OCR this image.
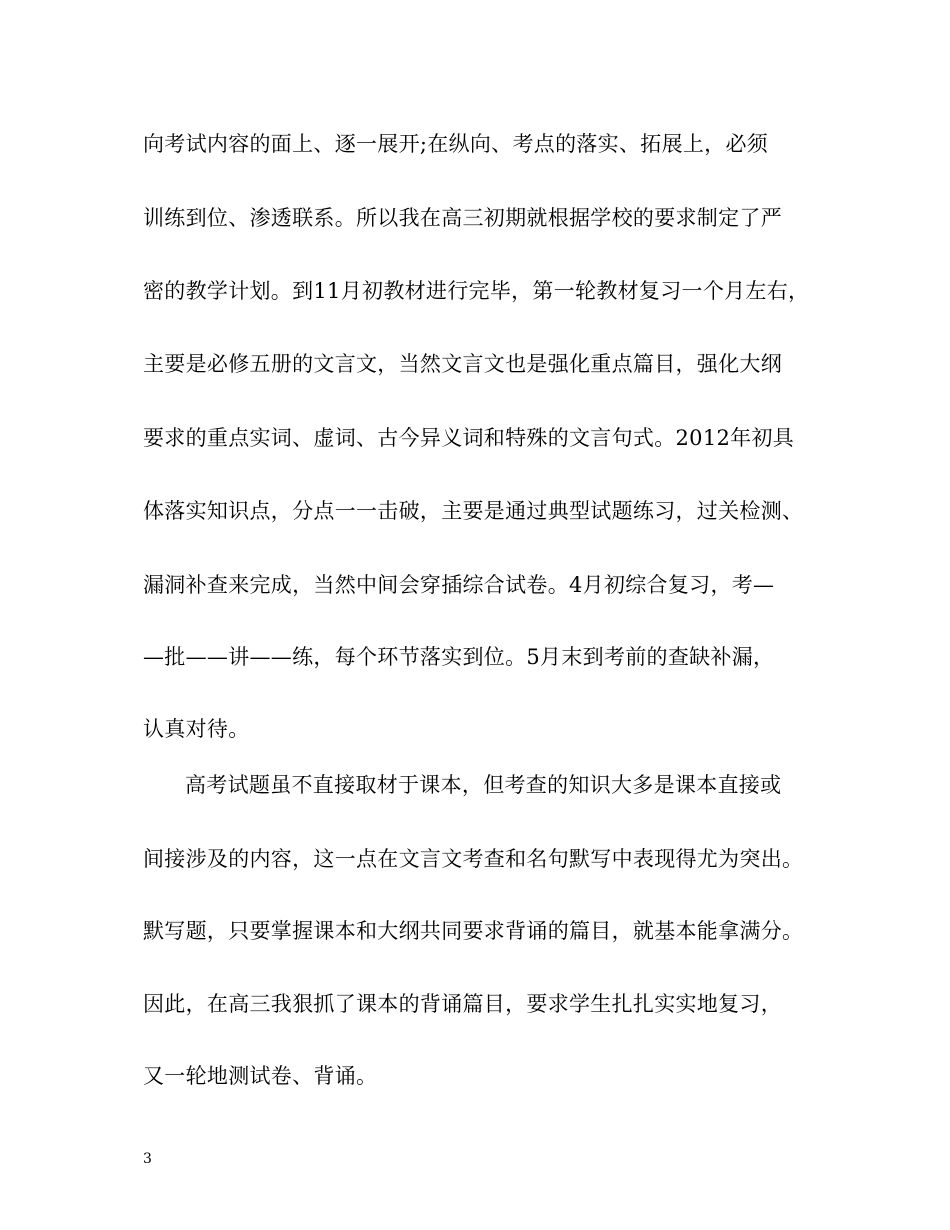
向考试内容的面上、逐一展开;在纵向、考点的落实、拓展上，必须
训练到位、渗透联系。所以我在高三初期就根据学校的要求制定了严
密的教学计划。到11月初教材进行完毕，第一轮教材复习一个月左右，
主要是必修五册的文言文，当然文言文也是强化重点篇目，强化大纲
要求的重点实词、虚词、古今异义词和特殊的文言句式。2012年初具
体落实知识点，分点一一击破，主要是通过典型试题练习，过关检测、
漏洞补查来完成，当然中间会穿插综合试卷。4月初综合复习，考—
—批——讲——练，每个环节落实到位。5月末到考前的查缺补漏，
认真对待。
高考试题虽不直接取材于课本，但考查的知识大多是课本直接或
间接涉及的内容，这一点在文言文考查和名句默写中表现得尤为突出。
默写题，只要掌握课本和大纲共同要求背诵的篇目，就基本能拿满分。
因此，在高三我狠抓了课本的背诵篇目，要求学生扎扎实实地复习，
又一轮地测试卷、背诵。
3
